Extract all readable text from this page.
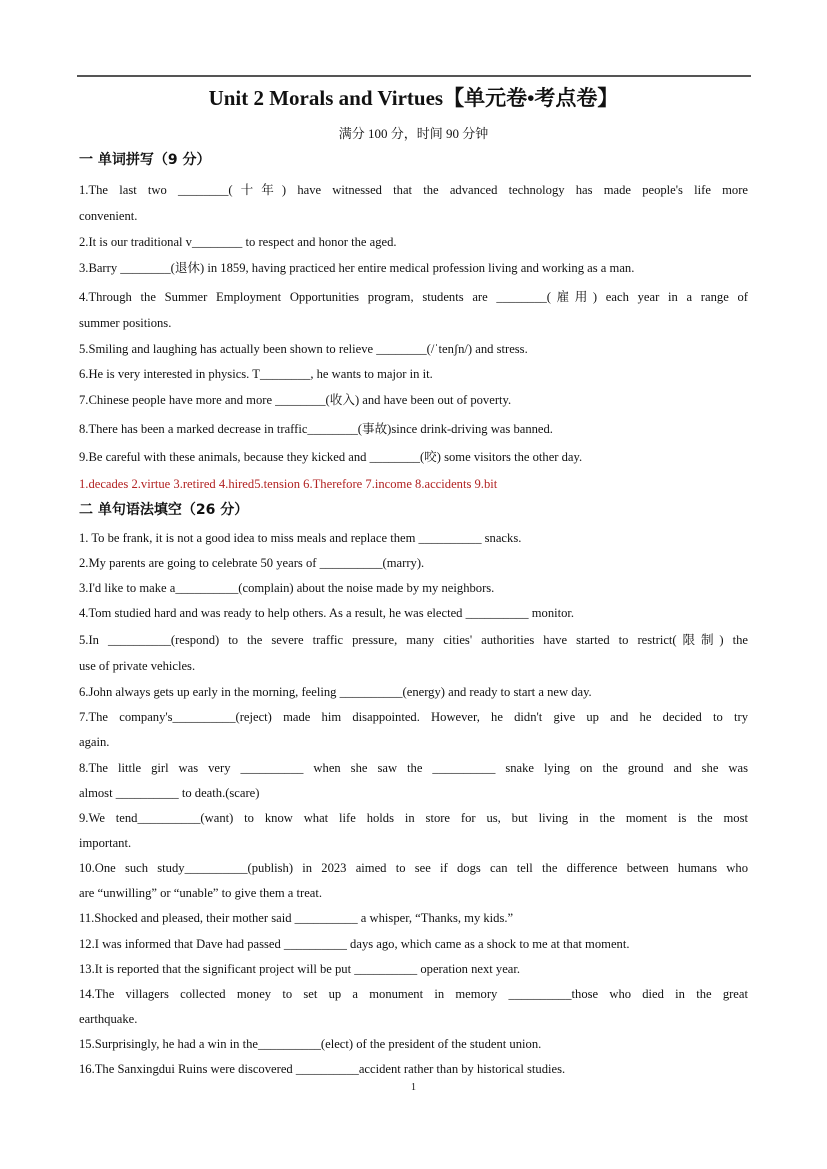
Unit 2 Morals and Virtues【单元卷•考点卷】
满分 100 分，时间 90 分钟
一 单词拼写（9 分）
1.The last two ________(十年) have witnessed that the advanced technology has made people's life more
convenient.
2.It is our traditional v________ to respect and honor the aged.
3.Barry ________(退休) in 1859, having practiced her entire medical profession living and working as a man.
4.Through the Summer Employment Opportunities program, students are ________(雇用) each year in a range of
summer positions.
5.Smiling and laughing has actually been shown to relieve ________(/ˈtenʃn/) and stress.
6.He is very interested in physics. T________, he wants to major in it.
7.Chinese people have more and more ________(收入) and have been out of poverty.
8.There has been a marked decrease in traffic________(事故)since drink-driving was banned.
9.Be careful with these animals, because they kicked and ________(咬) some visitors the other day.
1.decades 2.virtue 3.retired 4.hired5.tension 6.Therefore 7.income 8.accidents 9.bit
二 单句语法填空（26 分）
1. To be frank, it is not a good idea to miss meals and replace them __________ snacks.
2.My parents are going to celebrate 50 years of __________(marry).
3.I'd like to make a__________(complain) about the noise made by my neighbors.
4.Tom studied hard and was ready to help others. As a result, he was elected __________ monitor.
5.In __________(respond) to the severe traffic pressure, many cities' authorities have started to restrict(限制) the
use of private vehicles.
6.John always gets up early in the morning, feeling __________(energy) and ready to start a new day.
7.The company's__________(reject) made him disappointed. However, he didn't give up and he decided to try
again.
8.The little girl was very __________ when she saw the __________ snake lying on the ground and she was
almost __________ to death.(scare)
9.We tend__________(want) to know what life holds in store for us, but living in the moment is the most
important.
10.One such study__________(publish) in 2023 aimed to see if dogs can tell the difference between humans who
are “unwilling” or “unable” to give them a treat.
11.Shocked and pleased, their mother said __________ a whisper, “Thanks, my kids.”
12.I was informed that Dave had passed __________ days ago, which came as a shock to me at that moment.
13.It is reported that the significant project will be put __________ operation next year.
14.The villagers collected money to set up a monument in memory __________those who died in the great
earthquake.
15.Surprisingly, he had a win in the__________(elect) of the president of the student union.
16.The Sanxingdui Ruins were discovered __________accident rather than by historical studies.
1
